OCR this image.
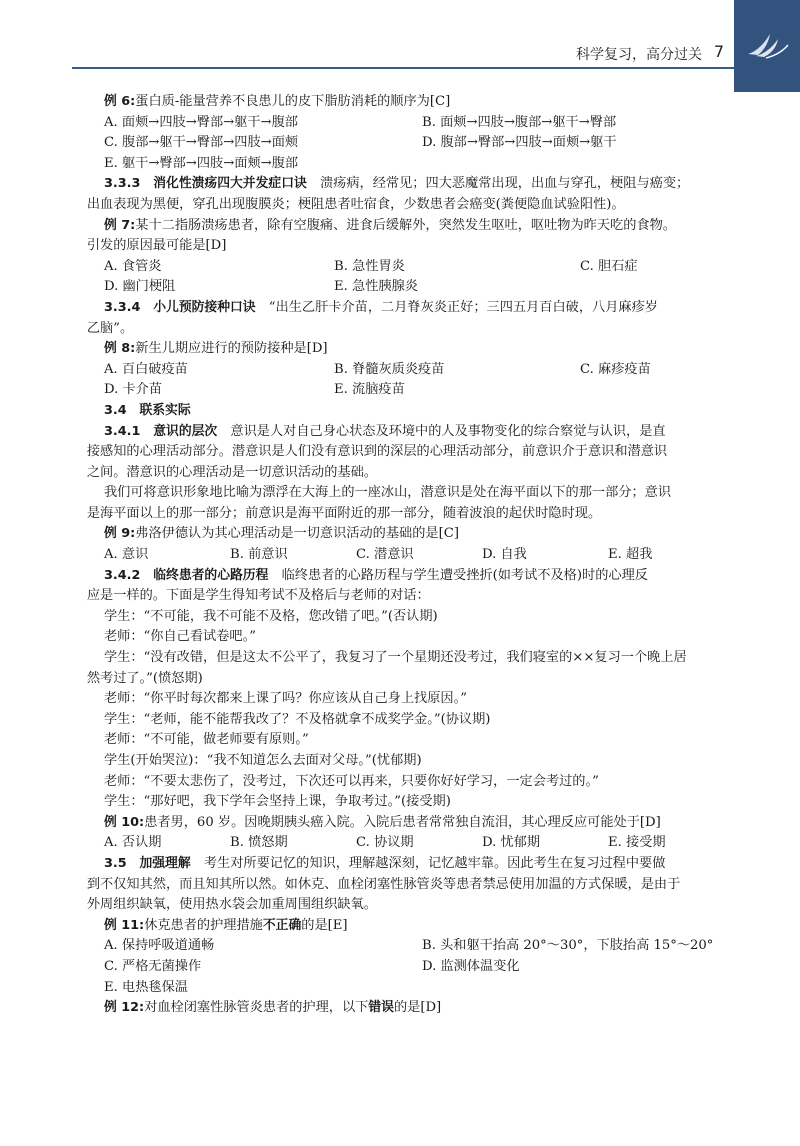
科学复习，高分过关 7
例 6:蛋白质-能量营养不良患儿的皮下脂肪消耗的顺序为[C]
A. 面颊→四肢→臀部→躯干→腹部	B. 面颊→四肢→腹部→躯干→臀部
C. 腹部→躯干→臀部→四肢→面颊	D. 腹部→臀部→四肢→面颊→躯干
E. 躯干→臀部→四肢→面颊→腹部
3.3.3　消化性溃疡四大并发症口诀　溃疡病，经常见；四大恶魔常出现，出血与穿孔，梗阻与癌变；
出血表现为黑便，穿孔出现腹膜炎；梗阻患者吐宿食，少数患者会癌变(粪便隐血试验阳性)。
例 7:某十二指肠溃疡患者，除有空腹痛、进食后缓解外，突然发生呕吐，呕吐物为昨天吃的食物。
引发的原因最可能是[D]
A. 食管炎	B. 急性胃炎	C. 胆石症
D. 幽门梗阻	E. 急性胰腺炎
3.3.4　小儿预防接种口诀　“出生乙肝卡介苗，二月脊灰炎正好；三四五月百白破，八月麻疹岁
乙脑”。
例 8:新生儿期应进行的预防接种是[D]
A. 百白破疫苗	B. 脊髓灰质炎疫苗	C. 麻疹疫苗
D. 卡介苗	E. 流脑疫苗
3.4　联系实际
3.4.1　意识的层次　意识是人对自己身心状态及环境中的人及事物变化的综合察觉与认识，是直
接感知的心理活动部分。潜意识是人们没有意识到的深层的心理活动部分，前意识介于意识和潜意识
之间。潜意识的心理活动是一切意识活动的基础。
我们可将意识形象地比喻为漂浮在大海上的一座冰山，潜意识是处在海平面以下的那一部分；意识
是海平面以上的那一部分；前意识是海平面附近的那一部分，随着波浪的起伏时隐时现。
例 9:弗洛伊德认为其心理活动是一切意识活动的基础的是[C]
A. 意识	B. 前意识	C. 潜意识	D. 自我	E. 超我
3.4.2　临终患者的心路历程　临终患者的心路历程与学生遭受挫折(如考试不及格)时的心理反
应是一样的。下面是学生得知考试不及格后与老师的对话：
学生：“不可能，我不可能不及格，您改错了吧。”(否认期)
老师：“你自己看试卷吧。”
学生：“没有改错，但是这太不公平了，我复习了一个星期还没考过，我们寝室的××复习一个晚上居
然考过了。”(愤怒期)
老师：“你平时每次都来上课了吗？你应该从自己身上找原因。”
学生：“老师，能不能帮我改了？不及格就拿不成奖学金。”(协议期)
老师：“不可能，做老师要有原则。”
学生(开始哭泣)：“我不知道怎么去面对父母。”(忧郁期)
老师：“不要太悲伤了，没考过，下次还可以再来，只要你好好学习，一定会考过的。”
学生：“那好吧，我下学年会坚持上课，争取考过。”(接受期)
例 10:患者男，60 岁。因晚期胰头癌入院。入院后患者常常独自流泪，其心理反应可能处于[D]
A. 否认期	B. 愤怒期	C. 协议期	D. 忧郁期	E. 接受期
3.5　加强理解　考生对所要记忆的知识，理解越深刻，记忆越牢靠。因此考生在复习过程中要做
到不仅知其然，而且知其所以然。如休克、血栓闭塞性脉管炎等患者禁忌使用加温的方式保暖，是由于
外周组织缺氧，使用热水袋会加重周围组织缺氧。
例 11:休克患者的护理措施不正确的是[E]
A. 保持呼吸道通畅	B. 头和躯干抬高 20°～30°，下肢抬高 15°～20°
C. 严格无菌操作	D. 监测体温变化
E. 电热毯保温
例 12:对血栓闭塞性脉管炎患者的护理，以下错误的是[D]
